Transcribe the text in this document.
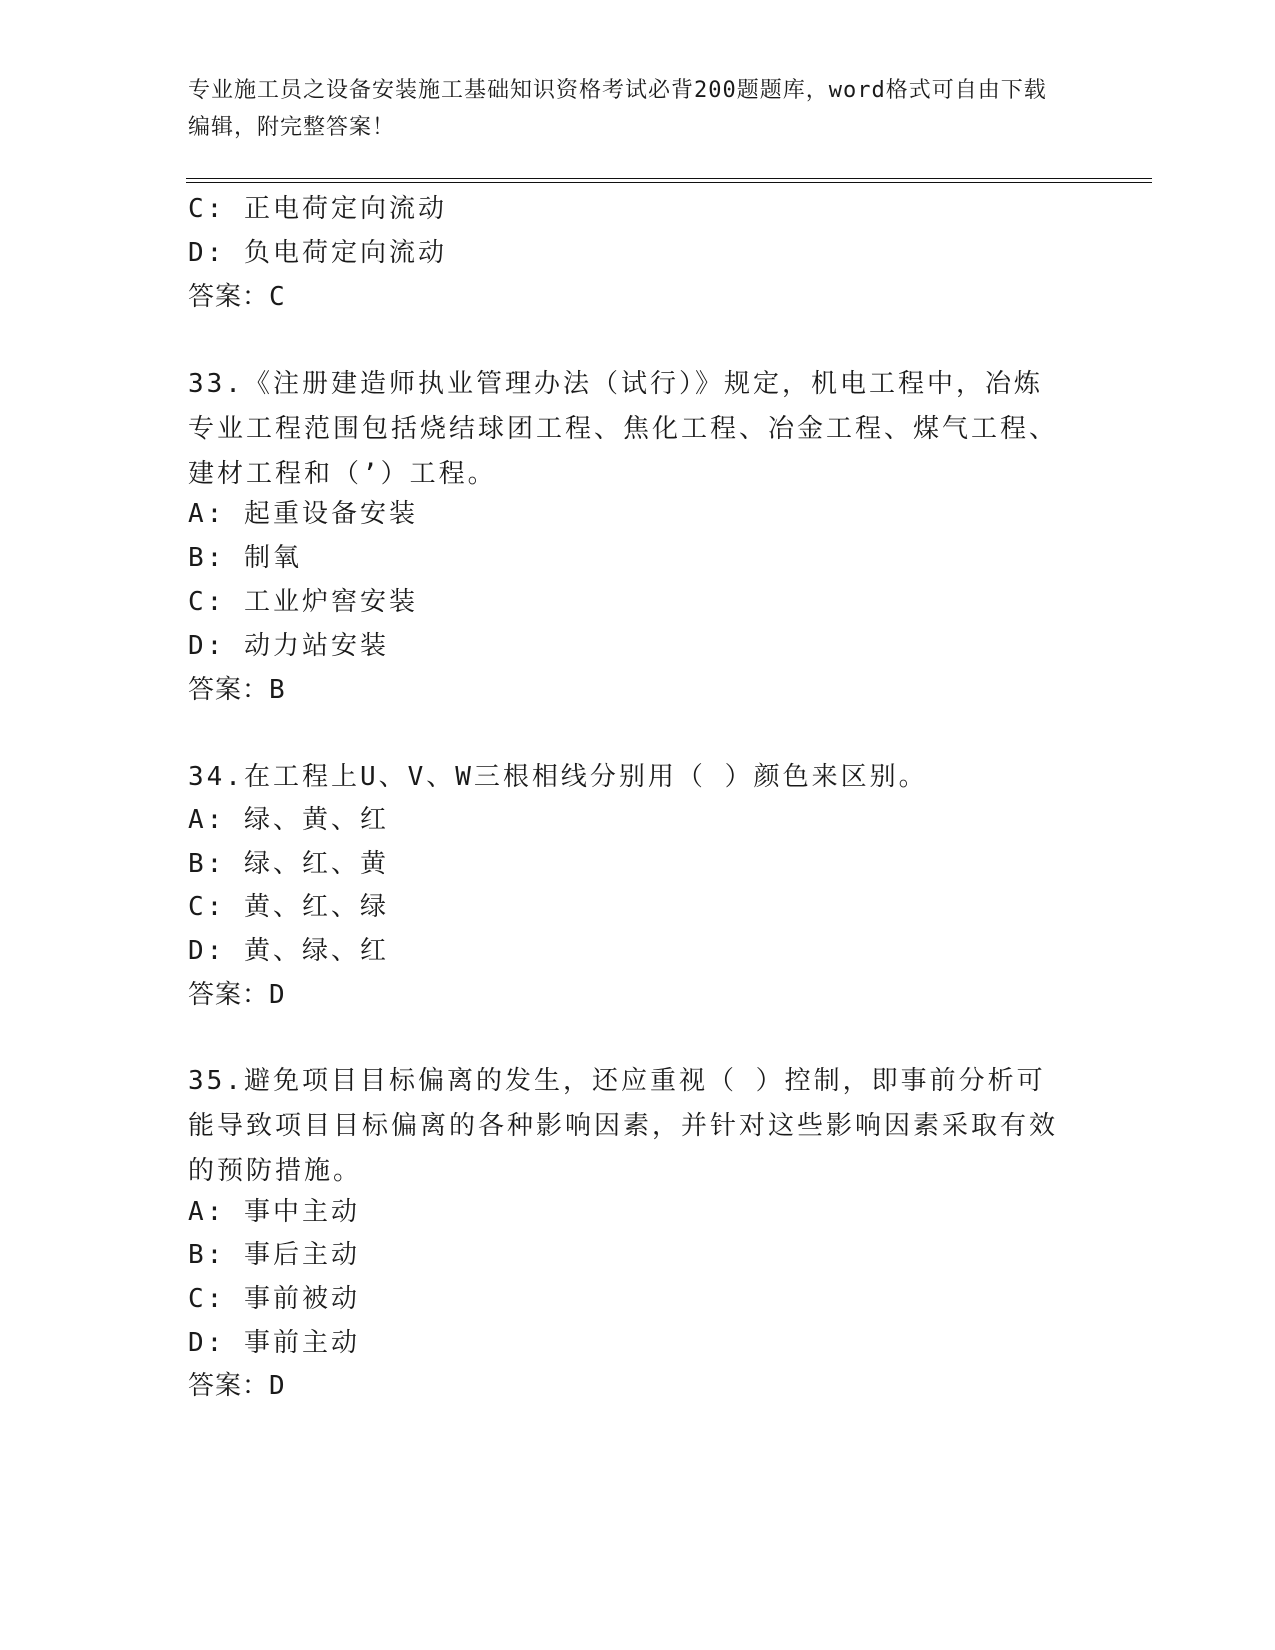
专业施工员之设备安装施工基础知识资格考试必背200题题库，word格式可自由下载编辑，附完整答案！
C: 正电荷定向流动
D: 负电荷定向流动
答案：C
33.《注册建造师执业管理办法（试行）》规定，机电工程中，冶炼专业工程范围包括烧结球团工程、焦化工程、冶金工程、煤气工程、建材工程和（’）工程。
A: 起重设备安装
B: 制氧
C: 工业炉窖安装
D: 动力站安装
答案：B
34.在工程上U、V、W三根相线分别用（ ）颜色来区别。
A: 绿、黄、红
B: 绿、红、黄
C: 黄、红、绿
D: 黄、绿、红
答案：D
35.避免项目目标偏离的发生，还应重视（ ）控制，即事前分析可能导致项目目标偏离的各种影响因素，并针对这些影响因素采取有效的预防措施。
A: 事中主动
B: 事后主动
C: 事前被动
D: 事前主动
答案：D
